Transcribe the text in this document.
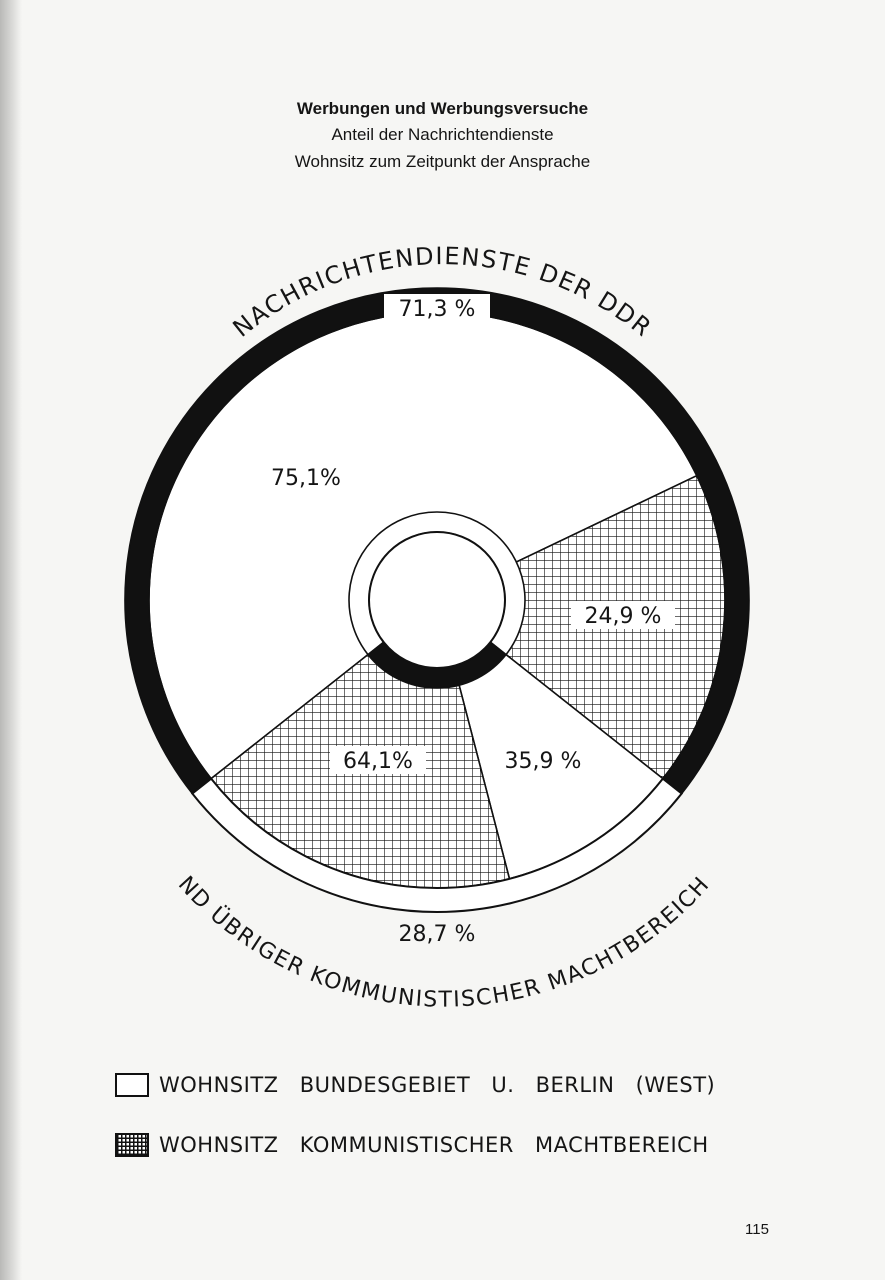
Werbungen und Werbungsversuche
Anteil der Nachrichtendienste
Wohnsitz zum Zeitpunkt der Ansprache
71,3 %
28,7 %
75,1%
24,9 %
35,9 %
64,1%
NACHRICHTENDIENSTE DER DDR
ND ÜBRIGER KOMMUNISTISCHER MACHTBEREICH
WOHNSITZ BUNDESGEBIET U. BERLIN (WEST)
WOHNSITZ KOMMUNISTISCHER MACHTBEREICH
115
